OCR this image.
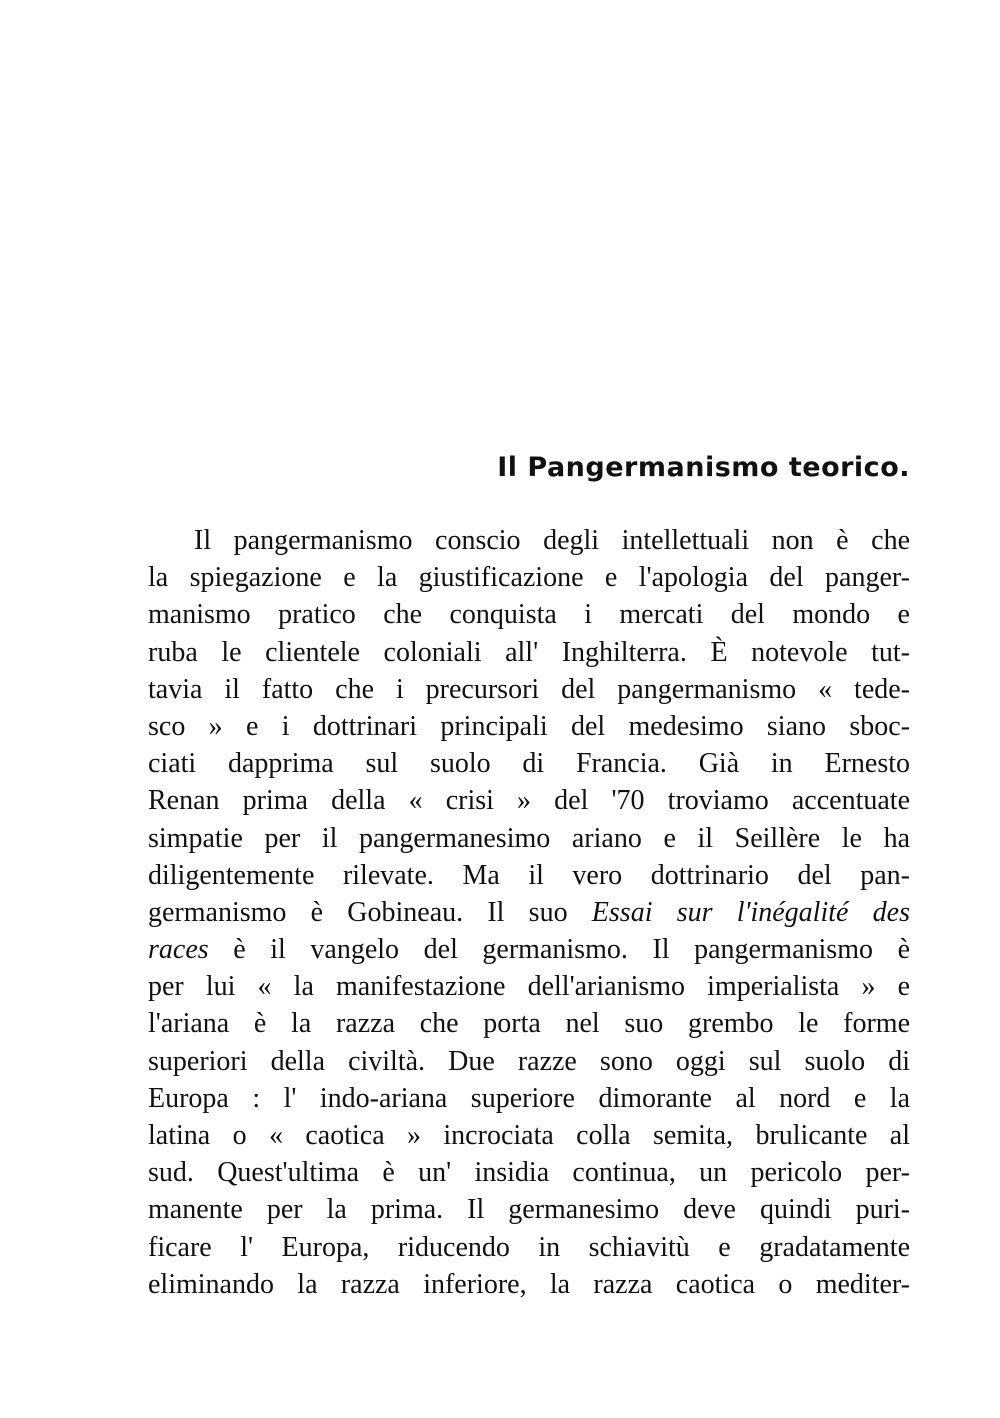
Il Pangermanismo teorico.
Il pangermanismo conscio degli intellettuali non è che
la spiegazione e la giustificazione e l'apologia del panger-
manismo pratico che conquista i mercati del mondo e
ruba le clientele coloniali all' Inghilterra. È notevole tut-
tavia il fatto che i precursori del pangermanismo « tede-
sco » e i dottrinari principali del medesimo siano sboc-
ciati dapprima sul suolo di Francia. Già in Ernesto
Renan prima della « crisi » del '70 troviamo accentuate
simpatie per il pangermanesimo ariano e il Seillère le ha
diligentemente rilevate. Ma il vero dottrinario del pan-
germanismo è Gobineau. Il suo Essai sur l'inégalité des
races è il vangelo del germanismo. Il pangermanismo è
per lui « la manifestazione dell'arianismo imperialista » e
l'ariana è la razza che porta nel suo grembo le forme
superiori della civiltà. Due razze sono oggi sul suolo di
Europa : l' indo-ariana superiore dimorante al nord e la
latina o « caotica » incrociata colla semita, brulicante al
sud. Quest'ultima è un' insidia continua, un pericolo per-
manente per la prima. Il germanesimo deve quindi puri-
ficare l' Europa, riducendo in schiavitù e gradatamente
eliminando la razza inferiore, la razza caotica o mediter-
